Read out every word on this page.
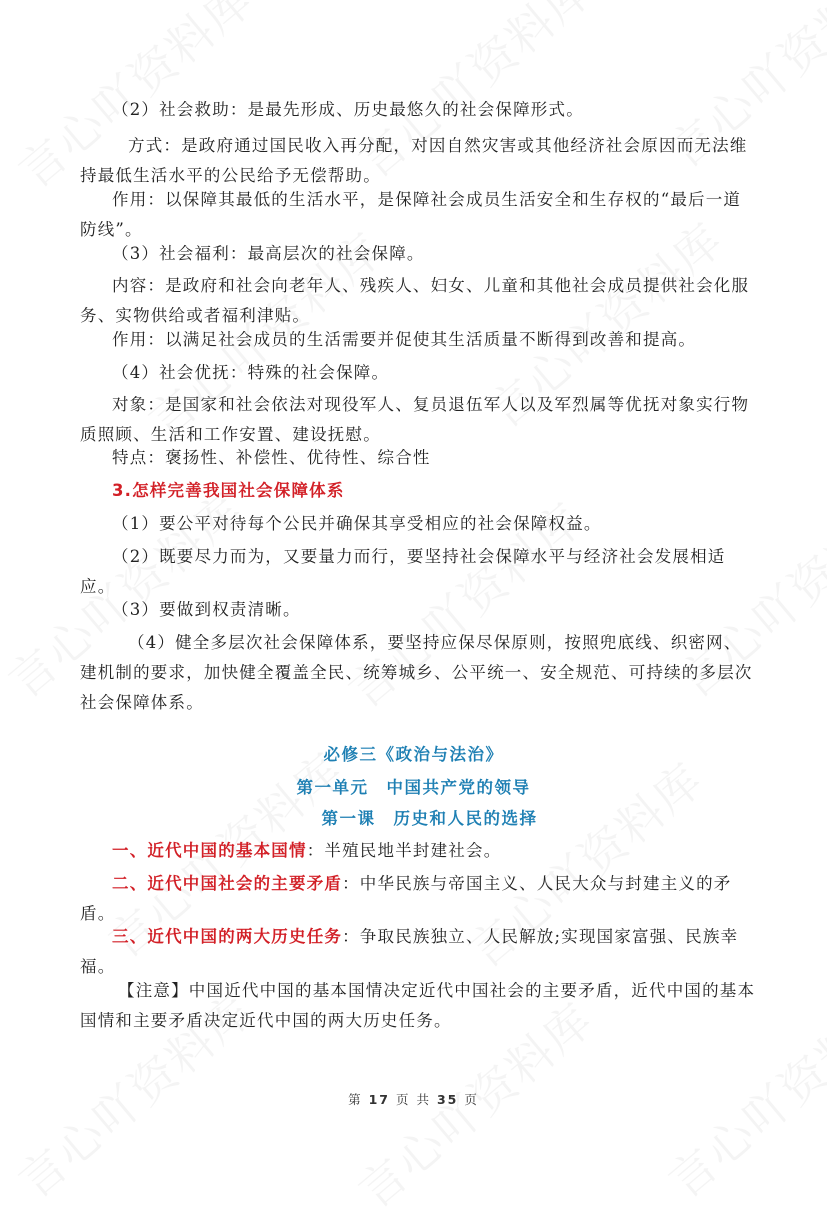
（2）社会救助：是最先形成、历史最悠久的社会保障形式。

方式：是政府通过国民收入再分配，对因自然灾害或其他经济社会原因而无法维持最低生活水平的公民给予无偿帮助。

作用：以保障其最低的生活水平，是保障社会成员生活安全和生存权的“最后一道防线”。

（3）社会福利：最高层次的社会保障。

内容：是政府和社会向老年人、残疾人、妇女、儿童和其他社会成员提供社会化服务、实物供给或者福利津贴。

作用：以满足社会成员的生活需要并促使其生活质量不断得到改善和提高。

（4）社会优抚：特殊的社会保障。

对象：是国家和社会依法对现役军人、复员退伍军人以及军烈属等优抚对象实行物质照顾、生活和工作安置、建设抚慰。

特点：褒扬性、补偿性、优待性、综合性

3.怎样完善我国社会保障体系

（1）要公平对待每个公民并确保其享受相应的社会保障权益。

（2）既要尽力而为，又要量力而行，要坚持社会保障水平与经济社会发展相适应。

（3）要做到权责清晰。

（4）健全多层次社会保障体系，要坚持应保尽保原则，按照兜底线、织密网、建机制的要求，加快健全覆盖全民、统筹城乡、公平统一、安全规范、可持续的多层次社会保障体系。

必修三《政治与法治》

第一单元　中国共产党的领导

第一课　历史和人民的选择

一、近代中国的基本国情：半殖民地半封建社会。

二、近代中国社会的主要矛盾：中华民族与帝国主义、人民大众与封建主义的矛盾。

三、近代中国的两大历史任务：争取民族独立、人民解放;实现国家富强、民族幸福。

【注意】中国近代中国的基本国情决定近代中国社会的主要矛盾，近代中国的基本国情和主要矛盾决定近代中国的两大历史任务。

第 17 页 共 35 页
